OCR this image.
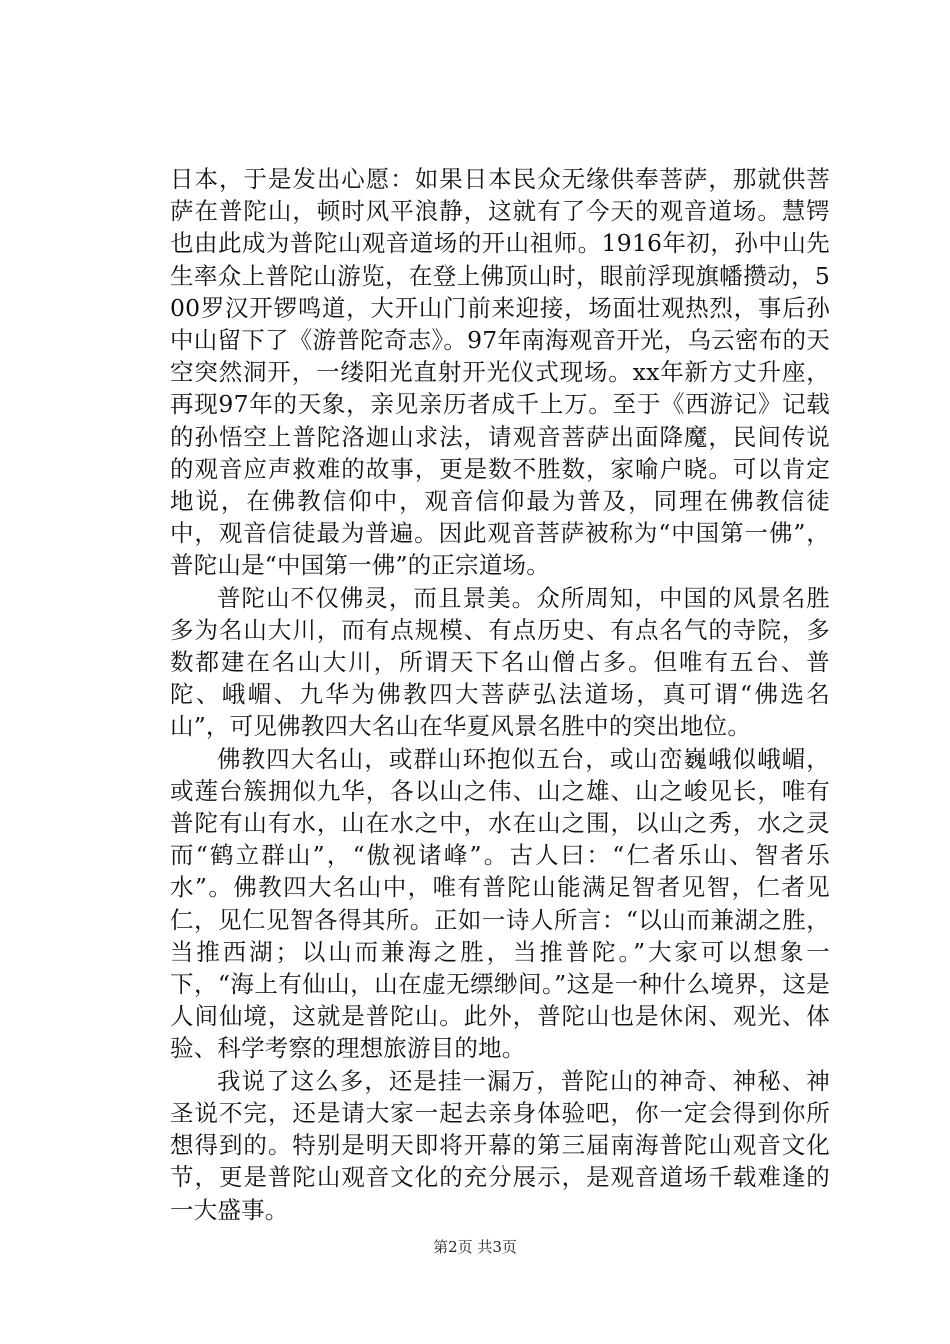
日本，于是发出心愿：如果日本民众无缘供奉菩萨，那就供菩萨在普陀山，顿时风平浪静，这就有了今天的观音道场。慧锷也由此成为普陀山观音道场的开山祖师。1916年初，孙中山先生率众上普陀山游览，在登上佛顶山时，眼前浮现旗幡攒动，500罗汉开锣鸣道，大开山门前来迎接，场面壮观热烈，事后孙中山留下了《游普陀奇志》。97年南海观音开光，乌云密布的天空突然洞开，一缕阳光直射开光仪式现场。xx年新方丈升座，再现97年的天象，亲见亲历者成千上万。至于《西游记》记载的孙悟空上普陀洛迦山求法，请观音菩萨出面降魔，民间传说的观音应声救难的故事，更是数不胜数，家喻户晓。可以肯定地说，在佛教信仰中，观音信仰最为普及，同理在佛教信徒中，观音信徒最为普遍。因此观音菩萨被称为“中国第一佛”，普陀山是“中国第一佛”的正宗道场。

普陀山不仅佛灵，而且景美。众所周知，中国的风景名胜多为名山大川，而有点规模、有点历史、有点名气的寺院，多数都建在名山大川，所谓天下名山僧占多。但唯有五台、普陀、峨嵋、九华为佛教四大菩萨弘法道场，真可谓“佛选名山”，可见佛教四大名山在华夏风景名胜中的突出地位。

佛教四大名山，或群山环抱似五台，或山峦巍峨似峨嵋，或莲台簇拥似九华，各以山之伟、山之雄、山之峻见长，唯有普陀有山有水，山在水之中，水在山之围，以山之秀，水之灵而“鹤立群山”，“傲视诸峰”。古人曰：“仁者乐山、智者乐水”。佛教四大名山中，唯有普陀山能满足智者见智，仁者见仁，见仁见智各得其所。正如一诗人所言：“以山而兼湖之胜，当推西湖；以山而兼海之胜，当推普陀。”大家可以想象一下，“海上有仙山，山在虚无缥缈间。”这是一种什么境界，这是人间仙境，这就是普陀山。此外，普陀山也是休闲、观光、体验、科学考察的理想旅游目的地。

我说了这么多，还是挂一漏万，普陀山的神奇、神秘、神圣说不完，还是请大家一起去亲身体验吧，你一定会得到你所想得到的。特别是明天即将开幕的第三届南海普陀山观音文化节，更是普陀山观音文化的充分展示，是观音道场千载难逢的一大盛事。

第2页 共3页
